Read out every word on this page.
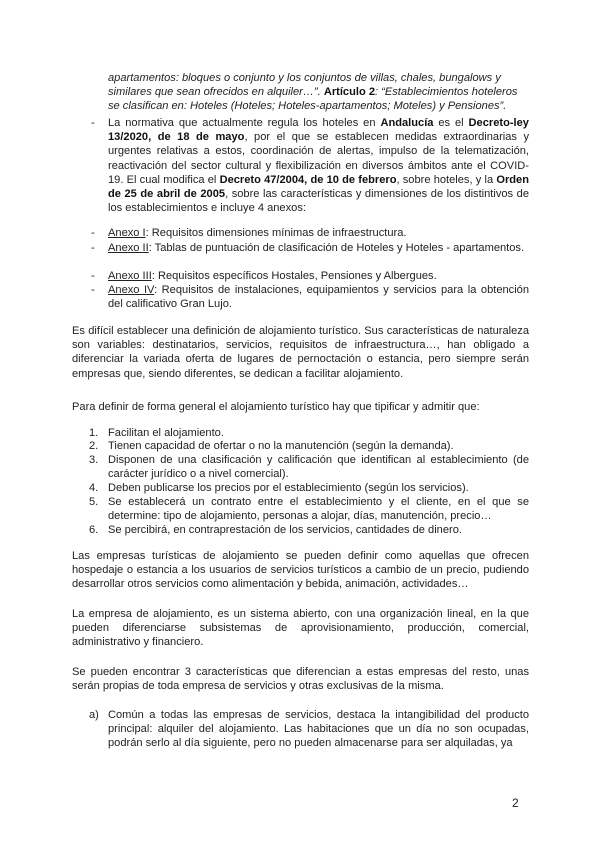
apartamentos: bloques o conjunto y los conjuntos de villas, chales, bungalows y
similares que sean ofrecidos en alquiler…”. Artículo 2: “Establecimientos hoteleros
se clasifican en: Hoteles (Hoteles; Hoteles-apartamentos; Moteles) y Pensiones”.
-	La normativa que actualmente regula los hoteles en Andalucía es el Decreto-ley 13/2020, de 18 de mayo, por el que se establecen medidas extraordinarias y urgentes relativas a estos, coordinación de alertas, impulso de la telematización, reactivación del sector cultural y flexibilización en diversos ámbitos ante el COVID-19. El cual modifica el Decreto 47/2004, de 10 de febrero, sobre hoteles, y la Orden de 25 de abril de 2005, sobre las características y dimensiones de los distintivos de los establecimientos e incluye 4 anexos:
-	Anexo I: Requisitos dimensiones mínimas de infraestructura.
-	Anexo II: Tablas de puntuación de clasificación de Hoteles y Hoteles - apartamentos.
-	Anexo III: Requisitos específicos Hostales, Pensiones y Albergues.
-	Anexo IV: Requisitos de instalaciones, equipamientos y servicios para la obtención del calificativo Gran Lujo.
Es difícil establecer una definición de alojamiento turístico. Sus características de naturaleza son variables: destinatarios, servicios, requisitos de infraestructura…, han obligado a diferenciar la variada oferta de lugares de pernoctación o estancia, pero siempre serán empresas que, siendo diferentes, se dedican a facilitar alojamiento.
Para definir de forma general el alojamiento turístico hay que tipificar y admitir que:
1. Facilitan el alojamiento.
2. Tienen capacidad de ofertar o no la manutención (según la demanda).
3. Disponen de una clasificación y calificación que identifican al establecimiento (de carácter jurídico o a nivel comercial).
4. Deben publicarse los precios por el establecimiento (según los servicios).
5. Se establecerá un contrato entre el establecimiento y el cliente, en el que se determine: tipo de alojamiento, personas a alojar, días, manutención, precio…
6. Se percibirá, en contraprestación de los servicios, cantidades de dinero.
Las empresas turísticas de alojamiento se pueden definir como aquellas que ofrecen hospedaje o estancia a los usuarios de servicios turísticos a cambio de un precio, pudiendo desarrollar otros servicios como alimentación y bebida, animación, actividades…
La empresa de alojamiento, es un sistema abierto, con una organización lineal, en la que pueden diferenciarse subsistemas de aprovisionamiento, producción, comercial, administrativo y financiero.
Se pueden encontrar 3 características que diferencian a estas empresas del resto, unas serán propias de toda empresa de servicios y otras exclusivas de la misma.
a) Común a todas las empresas de servicios, destaca la intangibilidad del producto principal: alquiler del alojamiento. Las habitaciones que un día no son ocupadas, podrán serlo al día siguiente, pero no pueden almacenarse para ser alquiladas, ya
2
